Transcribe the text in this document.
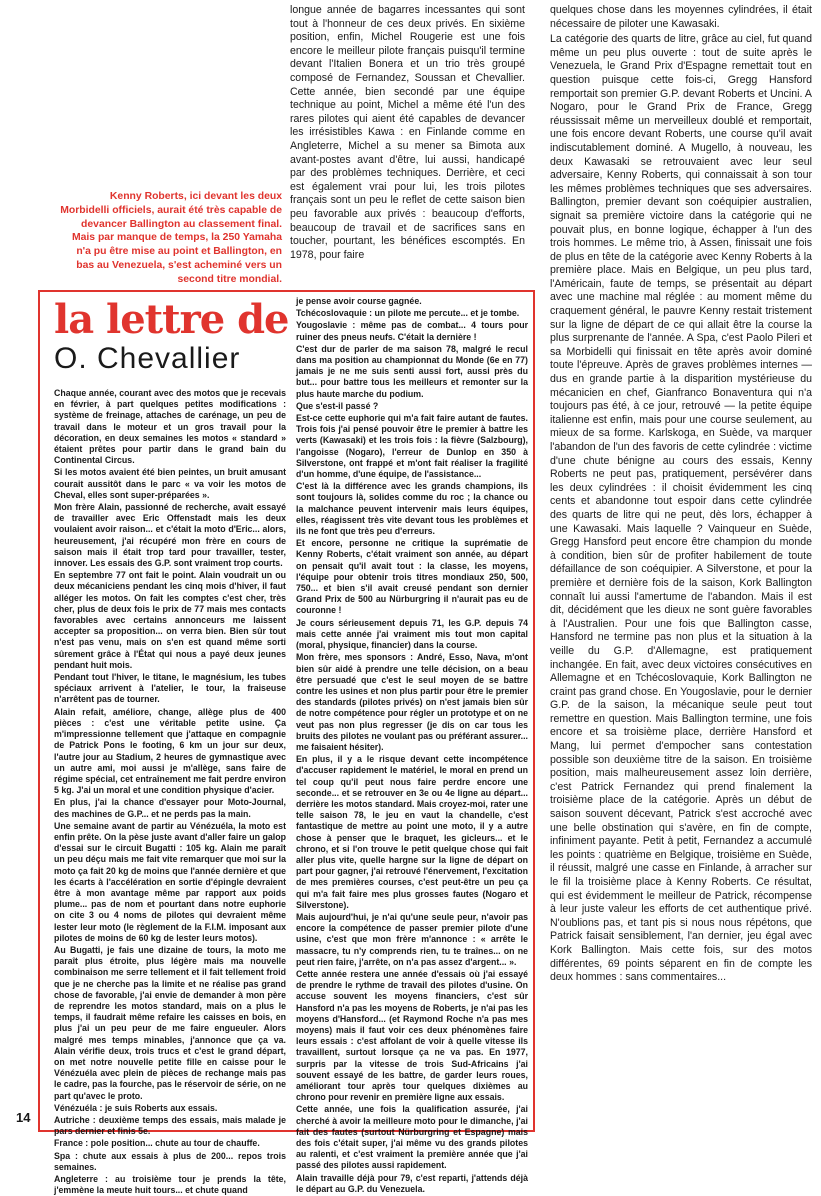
longue année de bagarres incessantes qui sont tout à l'honneur de ces deux privés. En sixième position, enfin, Michel Rougerie est une fois encore le meilleur pilote français puisqu'il termine devant l'Italien Bonera et un trio très groupé composé de Fernandez, Soussan et Chevallier. Cette année, bien secondé par une équipe technique au point, Michel a même été l'un des rares pilotes qui aient été capables de devancer les irrésistibles Kawa : en Finlande comme en Angleterre, Michel a su mener sa Bimota aux avant-postes avant d'être, lui aussi, handicapé par des problèmes techniques. Derrière, et ceci est également vrai pour lui, les trois pilotes français sont un peu le reflet de cette saison bien peu favorable aux privés : beaucoup d'efforts, beaucoup de travail et de sacrifices sans en toucher, pourtant, les bénéfices escomptés. En 1978, pour faire

Kenny Roberts, ici devant les deux Morbidelli officiels, aurait été très capable de devancer Ballington au classement final. Mais par manque de temps, la 250 Yamaha n'a pu être mise au point et Ballington, en bas au Venezuela, s'est acheminé vers un second titre mondial.
la lettre de
O. Chevallier

Chaque année, courant avec des motos que je recevais en février, à part quelques petites modifications : système de freinage, attaches de carénage, un peu de travail dans le moteur et un gros travail pour la décoration, en deux semaines les motos « standard » étaient prêtes pour partir dans le grand bain du Continental Circus.

Si les motos avaient été bien peintes, un bruit amusant courait aussitôt dans le parc « va voir les motos de Cheval, elles sont super-préparées ».

Mon frère Alain, passionné de recherche, avait essayé de travailler avec Eric Offenstadt mais les deux voulaient avoir raison... et c'était la moto d'Eric... alors, heureusement, j'ai récupéré mon frère en cours de saison mais il était trop tard pour travailler, tester, innover. Les essais des G.P. sont vraiment trop courts.

En septembre 77 ont fait le point. Alain voudrait un ou deux mécaniciens pendant les cinq mois d'hiver, il faut alléger les motos. On fait les comptes c'est cher, très cher, plus de deux fois le prix de 77 mais mes contacts favorables avec certains annonceurs me laissent accepter sa proposition... on verra bien. Bien sûr tout n'est pas venu, mais on s'en est quand même sorti sûrement grâce à l'État qui nous a payé deux jeunes pendant huit mois.

Pendant tout l'hiver, le titane, le magnésium, les tubes spéciaux arrivent à l'atelier, le tour, la fraiseuse n'arrêtent pas de tourner.

Alain refait, améliore, change, allège plus de 400 pièces : c'est une véritable petite usine. Ça m'impressionne tellement que j'attaque en compagnie de Patrick Pons le footing, 6 km un jour sur deux, l'autre jour au Stadium, 2 heures de gymnastique avec un autre ami, moi aussi je m'allège, sans faire de régime spécial, cet entraînement me fait perdre environ 5 kg. J'ai un moral et une condition physique d'acier.

En plus, j'ai la chance d'essayer pour Moto-Journal, des machines de G.P... et ne perds pas la main.

Une semaine avant de partir au Vénézuéla, la moto est enfin prête. On la pèse juste avant d'aller faire un galop d'essai sur le circuit Bugatti : 105 kg. Alain me paraît un peu déçu mais me fait vite remarquer que moi sur la moto ça fait 20 kg de moins que l'année dernière et que les écarts à l'accélération en sortie d'épingle devraient être à mon avantage même par rapport aux poids plume... pas de nom et pourtant dans notre euphorie on cite 3 ou 4 noms de pilotes qui devraient même lester leur moto (le règlement de la F.I.M. imposant aux pilotes de moins de 60 kg de lester leurs motos).

Au Bugatti, je fais une dizaine de tours, la moto me paraît plus étroite, plus légère mais ma nouvelle combinaison me serre tellement et il fait tellement froid que je ne cherche pas la limite et ne réalise pas grand chose de favorable, j'ai envie de demander à mon père de reprendre les motos standard, mais on a plus le temps, il faudrait même refaire les caisses en bois, en plus j'ai un peu peur de me faire engueuler. Alors malgré mes temps minables, j'annonce que ça va. Alain vérifie deux, trois trucs et c'est le grand départ, on met notre nouvelle petite fille en caisse pour le Vénézuéla avec plein de pièces de rechange mais pas le cadre, pas la fourche, pas le réservoir de série, on ne part qu'avec le proto.

Vénézuéla : je suis Roberts aux essais.

Autriche : deuxième temps des essais, mais malade je pars dernier et finis 5e.

France : pole position... chute au tour de chauffe.

Spa : chute aux essais à plus de 200... repos trois semaines.

Angleterre : au troisième tour je prends la tête, j'emmène la meute huit tours... et chute quand

je pense avoir course gagnée.

Tchécoslovaquie : un pilote me percute... et je tombe.

Yougoslavie : même pas de combat... 4 tours pour ruiner des pneus neufs. C'était la dernière !

C'est dur de parler de ma saison 78, malgré le recul dans ma position au championnat du Monde (6e en 77) jamais je ne me suis senti aussi fort, aussi près du but... pour battre tous les meilleurs et remonter sur la plus haute marche du podium.

Que s'est-il passé ?

Est-ce cette euphorie qui m'a fait faire autant de fautes. Trois fois j'ai pensé pouvoir être le premier à battre les verts (Kawasaki) et les trois fois : la fièvre (Salzbourg), l'angoisse (Nogaro), l'erreur de Dunlop en 350 à Silverstone, ont frappé et m'ont fait réaliser la fragilité d'un homme, d'une équipe, de l'assistance...

C'est là la différence avec les grands champions, ils sont toujours là, solides comme du roc ; la chance ou la malchance peuvent intervenir mais leurs équipes, elles, réagissent très vite devant tous les problèmes et ils ne font que très peu d'erreurs.

Et encore, personne ne critique la suprématie de Kenny Roberts, c'était vraiment son année, au départ on pensait qu'il avait tout : la classe, les moyens, l'équipe pour obtenir trois titres mondiaux 250, 500, 750... et bien s'il avait creusé pendant son dernier Grand Prix de 500 au Nürburgring il n'aurait pas eu de couronne !

Je cours sérieusement depuis 71, les G.P. depuis 74 mais cette année j'ai vraiment mis tout mon capital (moral, physique, financier) dans la course.

Mon frère, mes sponsors : André, Esso, Nava, m'ont bien sûr aidé à prendre une telle décision, on a beau être persuadé que c'est le seul moyen de se battre contre les usines et non plus partir pour être le premier des standards (pilotes privés) on n'est jamais bien sûr de notre compétence pour régler un prototype et on ne veut pas non plus regresser (je dis on car tous les bruits des pilotes ne voulant pas ou préférant assurer... me faisaient hésiter).

En plus, il y a le risque devant cette incompétence d'accuser rapidement le matériel, le moral en prend un tel coup qu'il peut nous faire perdre encore une seconde... et se retrouver en 3e ou 4e ligne au départ... derrière les motos standard. Mais croyez-moi, rater une telle saison 78, le jeu en vaut la chandelle, c'est fantastique de mettre au point une moto, il y a autre chose à penser que le braquet, les gicleurs... et le chrono, et si l'on trouve le petit quelque chose qui fait aller plus vite, quelle hargne sur la ligne de départ on part pour gagner, j'ai retrouvé l'énervement, l'excitation de mes premières courses, c'est peut-être un peu ça qui m'a fait faire mes plus grosses fautes (Nogaro et Silverstone).

Mais aujourd'hui, je n'ai qu'une seule peur, n'avoir pas encore la compétence de passer premier pilote d'une usine, c'est que mon frère m'annonce : « arrête le massacre, tu n'y comprends rien, tu te traînes... on ne peut rien faire, j'arrête, on n'a pas assez d'argent... ».

Cette année restera une année d'essais où j'ai essayé de prendre le rythme de travail des pilotes d'usine. On accuse souvent les moyens financiers, c'est sûr Hansford n'a pas les moyens de Roberts, je n'ai pas les moyens d'Hansford... (et Raymond Roche n'a pas mes moyens) mais il faut voir ces deux phénomènes faire leurs essais : c'est affolant de voir à quelle vitesse ils travaillent, surtout lorsque ça ne va pas. En 1977, surpris par la vitesse de trois Sud-Africains j'ai souvent essayé de les battre, de garder leurs roues, améliorant tour après tour quelques dixièmes au chrono pour revenir en première ligne aux essais.

Cette année, une fois la qualification assurée, j'ai cherché à avoir la meilleure moto pour le dimanche, j'ai fait des fautes (surtout Nürburgring et Espagne) mais des fois c'était super, j'ai même vu des grands pilotes au ralenti, et c'est vraiment la première année que j'ai passé des pilotes aussi rapidement.

Alain travaille déjà pour 79, c'est reparti, j'attends déjà le départ au G.P. du Venezuela.

quelques chose dans les moyennes cylindrées, il était nécessaire de piloter une Kawasaki.

La catégorie des quarts de litre, grâce au ciel, fut quand même un peu plus ouverte : tout de suite après le Venezuela, le Grand Prix d'Espagne remettait tout en question puisque cette fois-ci, Gregg Hansford remportait son premier G.P. devant Roberts et Uncini. A Nogaro, pour le Grand Prix de France, Gregg réussissait même un merveilleux doublé et remportait, une fois encore devant Roberts, une course qu'il avait indiscutablement dominé. A Mugello, à nouveau, les deux Kawasaki se retrouvaient avec leur seul adversaire, Kenny Roberts, qui connaissait à son tour les mêmes problèmes techniques que ses adversaires. Ballington, premier devant son coéquipier australien, signait sa première victoire dans la catégorie qui ne pouvait plus, en bonne logique, échapper à l'un des trois hommes. Le même trio, à Assen, finissait une fois de plus en tête de la catégorie avec Kenny Roberts à la première place. Mais en Belgique, un peu plus tard, l'Américain, faute de temps, se présentait au départ avec une machine mal réglée : au moment même du craquement général, le pauvre Kenny restait tristement sur la ligne de départ de ce qui allait être la course la plus surprenante de l'année. A Spa, c'est Paolo Pileri et sa Morbidelli qui finissait en tête après avoir dominé toute l'épreuve. Après de graves problèmes internes — dus en grande partie à la disparition mystérieuse du mécanicien en chef, Gianfranco Bonaventura qui n'a toujours pas été, à ce jour, retrouvé — la petite équipe italienne est enfin, mais pour une course seulement, au mieux de sa forme. Karlskoga, en Suède, va marquer l'abandon de l'un des favoris de cette cylindrée : victime d'une chute bénigne au cours des essais, Kenny Roberts ne peut pas, pratiquement, persévérer dans les deux cylindrées : il choisit évidemment les cinq cents et abandonne tout espoir dans cette cylindrée des quarts de litre qui ne peut, dès lors, échapper à une Kawasaki. Mais laquelle ? Vainqueur en Suède, Gregg Hansford peut encore être champion du monde à condition, bien sûr de profiter habilement de toute défaillance de son coéquipier. A Silverstone, et pour la première et dernière fois de la saison, Kork Ballington connaît lui aussi l'amertume de l'abandon. Mais il est dit, décidément que les dieux ne sont guère favorables à l'Australien. Pour une fois que Ballington casse, Hansford ne termine pas non plus et la situation à la veille du G.P. d'Allemagne, est pratiquement inchangée. En fait, avec deux victoires consécutives en Allemagne et en Tchécoslovaquie, Kork Ballington ne craint pas grand chose. En Yougoslavie, pour le dernier G.P. de la saison, la mécanique seule peut tout remettre en question. Mais Ballington termine, une fois encore et sa troisième place, derrière Hansford et Mang, lui permet d'empocher sans contestation possible son deuxième titre de la saison. En troisième position, mais malheureusement assez loin derrière, c'est Patrick Fernandez qui prend finalement la troisième place de la catégorie. Après un début de saison souvent décevant, Patrick s'est accroché avec une belle obstination qui s'avère, en fin de compte, infiniment payante. Petit à petit, Fernandez a accumulé les points : quatrième en Belgique, troisième en Suède, il réussit, malgré une casse en Finlande, à arracher sur le fil la troisième place à Kenny Roberts. Ce résultat, qui est évidemment le meilleur de Patrick, récompense à leur juste valeur les efforts de cet authentique privé. N'oublions pas, et tant pis si nous nous répétons, que Patrick faisait sensiblement, l'an dernier, jeu égal avec Kork Ballington. Mais cette fois, sur des motos différentes, 69 points séparent en fin de compte les deux hommes : sans commentaires...

14
